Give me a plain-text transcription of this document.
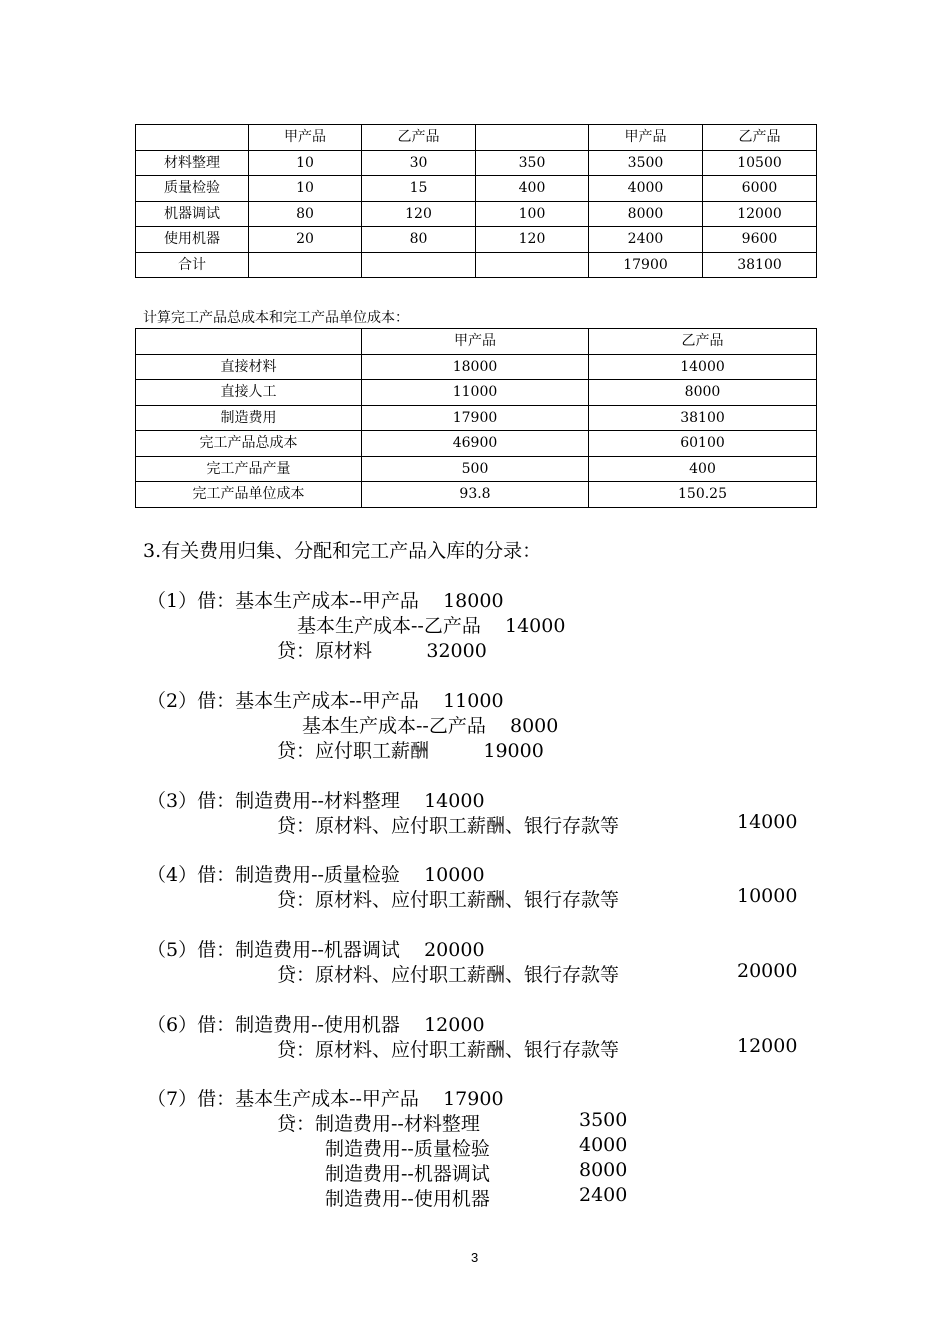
	甲产品	乙产品		甲产品	乙产品
材料整理	10	30	350	3500	10500
质量检验	10	15	400	4000	6000
机器调试	80	120	100	8000	12000
使用机器	20	80	120	2400	9600
合计				17900	38100
计算完工产品总成本和完工产品单位成本：
	甲产品	乙产品
直接材料	18000	14000
直接人工	11000	8000
制造费用	17900	38100
完工产品总成本	46900	60100
完工产品产量	500	400
完工产品单位成本	93.8	150.25
3.有关费用归集、分配和完工产品入库的分录：
（1）借：基本生产成本--甲产品    18000
基本生产成本--乙产品    14000
贷：原材料         32000
（2）借：基本生产成本--甲产品    11000
基本生产成本--乙产品    8000
贷：应付职工薪酬         19000
（3）借：制造费用--材料整理    14000
贷：原材料、应付职工薪酬、银行存款等	14000
（4）借：制造费用--质量检验    10000
贷：原材料、应付职工薪酬、银行存款等	10000
（5）借：制造费用--机器调试    20000
贷：原材料、应付职工薪酬、银行存款等	20000
（6）借：制造费用--使用机器    12000
贷：原材料、应付职工薪酬、银行存款等	12000
（7）借：基本生产成本--甲产品    17900
贷：制造费用--材料整理	3500
制造费用--质量检验	4000
制造费用--机器调试	8000
制造费用--使用机器	2400
3
